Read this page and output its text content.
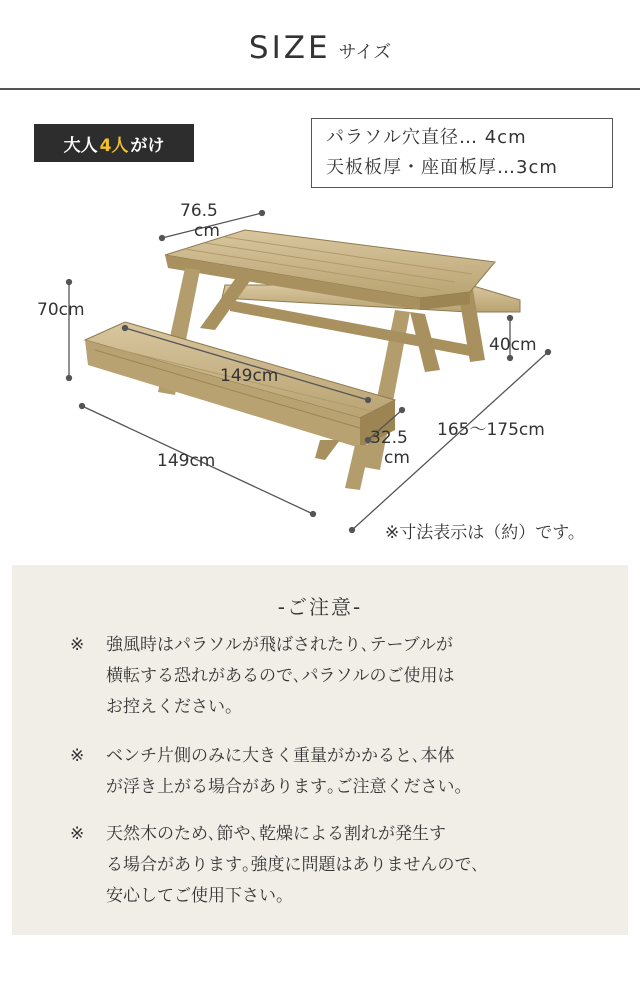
SIZE サイズ
大人 4人 がけ	パラソル穴直径… 4cm
天板板厚・座面板厚…3cm
76.5
cm
70cm
40cm
149cm
32.5
cm
165～175cm
149cm
※寸法表示は（約）です。
-ご注意-
※ 強風時はパラソルが飛ばされたり､テーブルが
横転する恐れがあるので､パラソルのご使用は
お控えください。
※ ベンチ片側のみに大きく重量がかかると､本体
が浮き上がる場合があります｡ご注意ください。
※ 天然木のため､節や､乾燥による割れが発生す
る場合があります｡強度に問題はありませんので､
安心してご使用下さい。
